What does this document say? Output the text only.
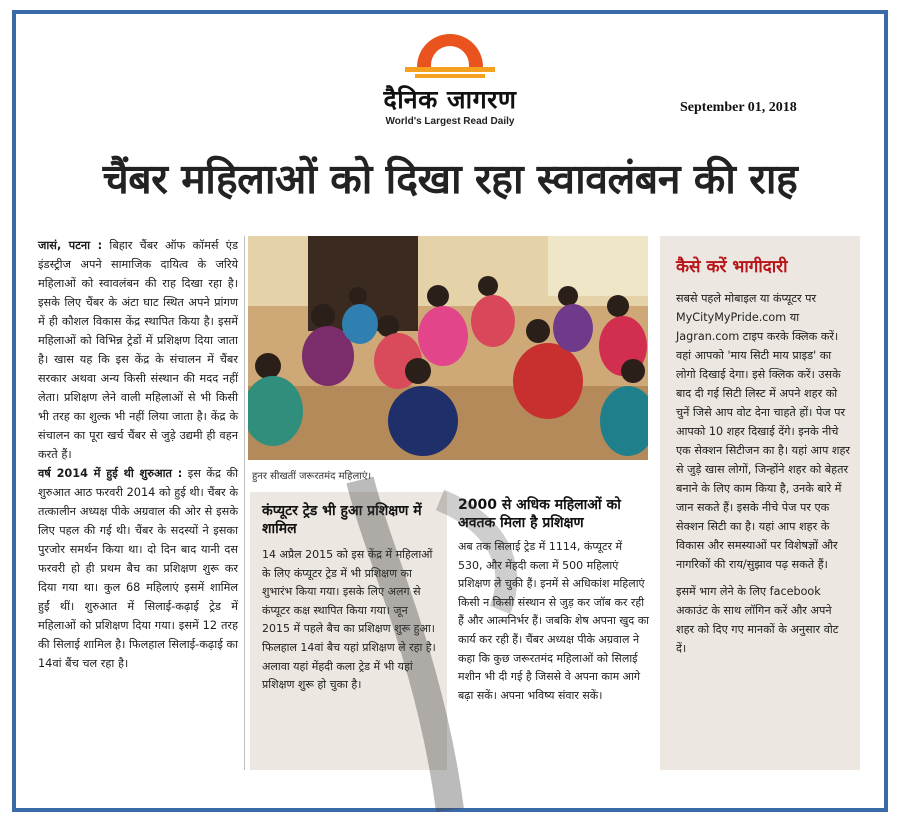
दैनिक जागरण
World's Largest Read Daily
September 01, 2018
चैंबर महिलाओं को दिखा रहा स्वावलंबन की राह

जासं, पटना : बिहार चैंबर ऑफ कॉमर्स एंड इंडस्ट्रीज अपने सामाजिक दायित्व के जरिये महिलाओं को स्वावलंबन की राह दिखा रहा है। इसके लिए चैंबर के अंटा घाट स्थित अपने प्रांगण में ही कौशल विकास केंद्र स्थापित किया है। इसमें महिलाओं को विभिन्न ट्रेडों में प्रशिक्षण दिया जाता है। खास यह कि इस केंद्र के संचालन में चैंबर सरकार अथवा अन्य किसी संस्थान की मदद नहीं लेता। प्रशिक्षण लेने वाली महिलाओं से भी किसी भी तरह का शुल्क भी नहीं लिया जाता है। केंद्र के संचालन का पूरा खर्च चैंबर से जुड़े उद्यमी ही वहन करते हैं।

वर्ष 2014 में हुई थी शुरुआत : इस केंद्र की शुरुआत आठ फरवरी 2014 को हुई थी। चैंबर के तत्कालीन अध्यक्ष पीके अग्रवाल की ओर से इसके लिए पहल की गई थी। चैंबर के सदस्यों ने इसका पुरजोर समर्थन किया था। दो दिन बाद यानी दस फरवरी हो ही प्रथम बैच का प्रशिक्षण शुरू कर दिया गया था। कुल 68 महिलाएं इसमें शामिल हुईं थीं। शुरुआत में सिलाई-कढ़ाई ट्रेड में महिलाओं को प्रशिक्षण दिया गया। इसमें 12 तरह की सिलाई शामिल है। फिलहाल सिलाई-कढ़ाई का 14वां बैंच चल रहा है।

हुनर सीखतीं जरूरतमंद महिलाएं।
कंप्यूटर ट्रेड भी हुआ प्रशिक्षण में शामिल

14 अप्रैल 2015 को इस केंद्र में महिलाओं के लिए कंप्यूटर ट्रेड में भी प्रशिक्षण का शुभारंभ किया गया। इसके लिए अलग से कंप्यूटर कक्ष स्थापित किया गया। जून 2015 में पहले बैच का प्रशिक्षण शुरू हुआ। फिलहाल 14वां बैच यहां प्रशिक्षण ले रहा है। अलावा यहां मेंहदी कला ट्रेड में भी यहां प्रशिक्षण शुरू हो चुका है।

2000 से अधिक महिलाओं को अवतक मिला है प्रशिक्षण

अब तक सिलाई ट्रेड में 1114, कंप्यूटर में 530, और मेंहदी कला में 500 महिलाएं प्रशिक्षण ले चुकी हैं। इनमें से अधिकांश महिलाएं किसी न किसी संस्थान से जुड़ कर जॉब कर रही हैं और आत्मनिर्भर हैं। जबकि शेष अपना खुद का कार्य कर रही हैं। चैंबर अध्यक्ष पीके अग्रवाल ने कहा कि कुछ जरूरतमंद महिलाओं को सिलाई मशीन भी दी गई है जिससे वे अपना काम आगे बढ़ा सकें। अपना भविष्य संवार सकें।

कैसे करें भागीदारी

सबसे पहले मोबाइल या कंप्यूटर पर MyCityMyPride.com या Jagran.com टाइप करके क्लिक करें। वहां आपको 'माय सिटी माय प्राइड' का लोगो दिखाई देगा। इसे क्लिक करें। उसके बाद दी गई सिटी लिस्ट में अपने शहर को चुनें जिसे आप वोट देना चाहते हों। पेज पर आपको 10 शहर दिखाई देंगे। इनके नीचे एक सेक्शन सिटीजन का है। यहां आप शहर से जुड़े खास लोगों, जिन्होंने शहर को बेहतर बनाने के लिए काम किया है, उनके बारे में जान सकते हैं। इसके नीचे पेज पर एक सेक्शन सिटी का है। यहां आप शहर के विकास और समस्याओं पर विशेषज्ञों और नागरिकों की राय/सुझाव पढ़ सकते हैं।

इसमें भाग लेने के लिए facebook अकाउंट के साथ लॉगिन करें और अपने शहर को दिए गए मानकों के अनुसार वोट दें।
